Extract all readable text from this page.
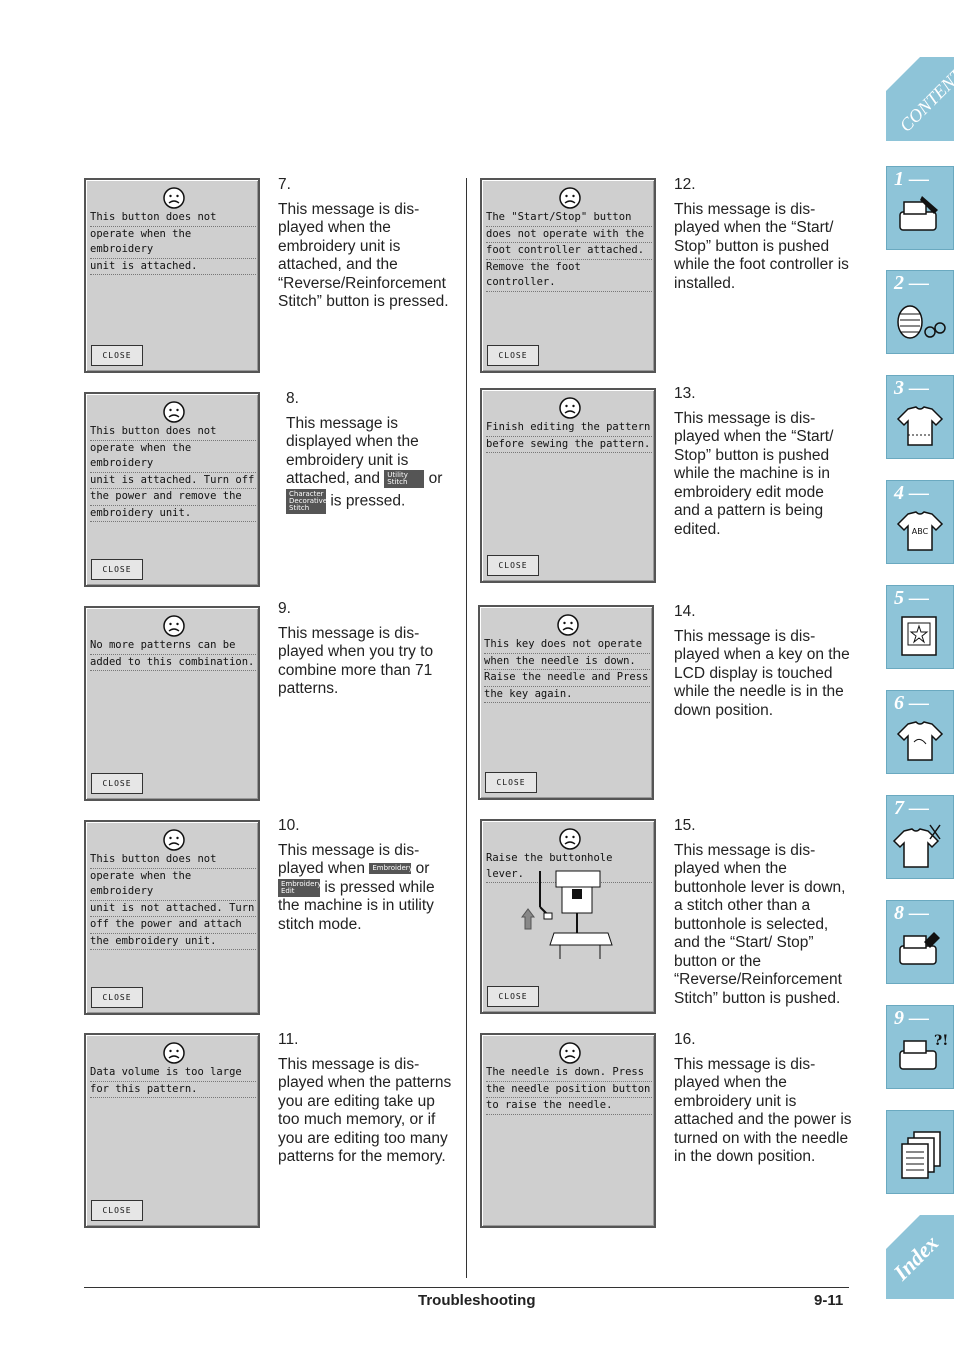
This button does not
operate when the embroidery
unit is attached.
CLOSE
This button does not
operate when the embroidery
unit is attached. Turn off
the power and remove the
embroidery unit.
CLOSE
No more patterns can be
added to this combination.
CLOSE
This button does not
operate when the embroidery
unit is not attached. Turn
off the power and attach
the embroidery unit.
CLOSE
Data volume is too large
for this pattern.
CLOSE
The "Start/Stop" button
does not operate with the
foot controller attached.
Remove the foot controller.
CLOSE
Finish editing the pattern
before sewing the pattern.
CLOSE
This key does not operate
when the needle is down.
Raise the needle and Press
the key again.
CLOSE
Raise the buttonhole lever.
CLOSE
The needle is down. Press
the needle position button
to raise the needle.
7.
This message is dis-played when the embroidery unit is attached, and the “Reverse/Reinforcement Stitch” button is pressed.
8.
This message is displayed when the embroidery unit is attached, and Utility Stitch or Character Decorative Stitch is pressed.
9.
This message is dis-played when you try to combine more than 71 patterns.
10.
This message is dis-played when Embroidery or Embroidery Edit is pressed while the machine is in utility stitch mode.
11.
This message is dis-played when the patterns you are editing take up too much memory, or if you are editing too many patterns for the memory.
12.
This message is dis-played when the “Start/ Stop” button is pushed while the foot controller is installed.
13.
This message is dis-played when the “Start/ Stop” button is pushed while the machine is in embroidery edit mode and a pattern is being edited.
14.
This message is dis-played when a key on the LCD display is touched while the needle is in the down position.
15.
This message is dis-played when the buttonhole lever is down, a stitch other than a buttonhole is selected, and the “Start/ Stop” button or the “Reverse/Reinforcement Stitch” button is pushed.
16.
This message is dis-played when the embroidery unit is attached and the power is turned on with the needle in the down position.
Troubleshooting	9-11
CONTENTS
1 —
2 —
3 —
4 —
ABC
5 —
6 —
7 —
8 —
9 —
?!
Index
